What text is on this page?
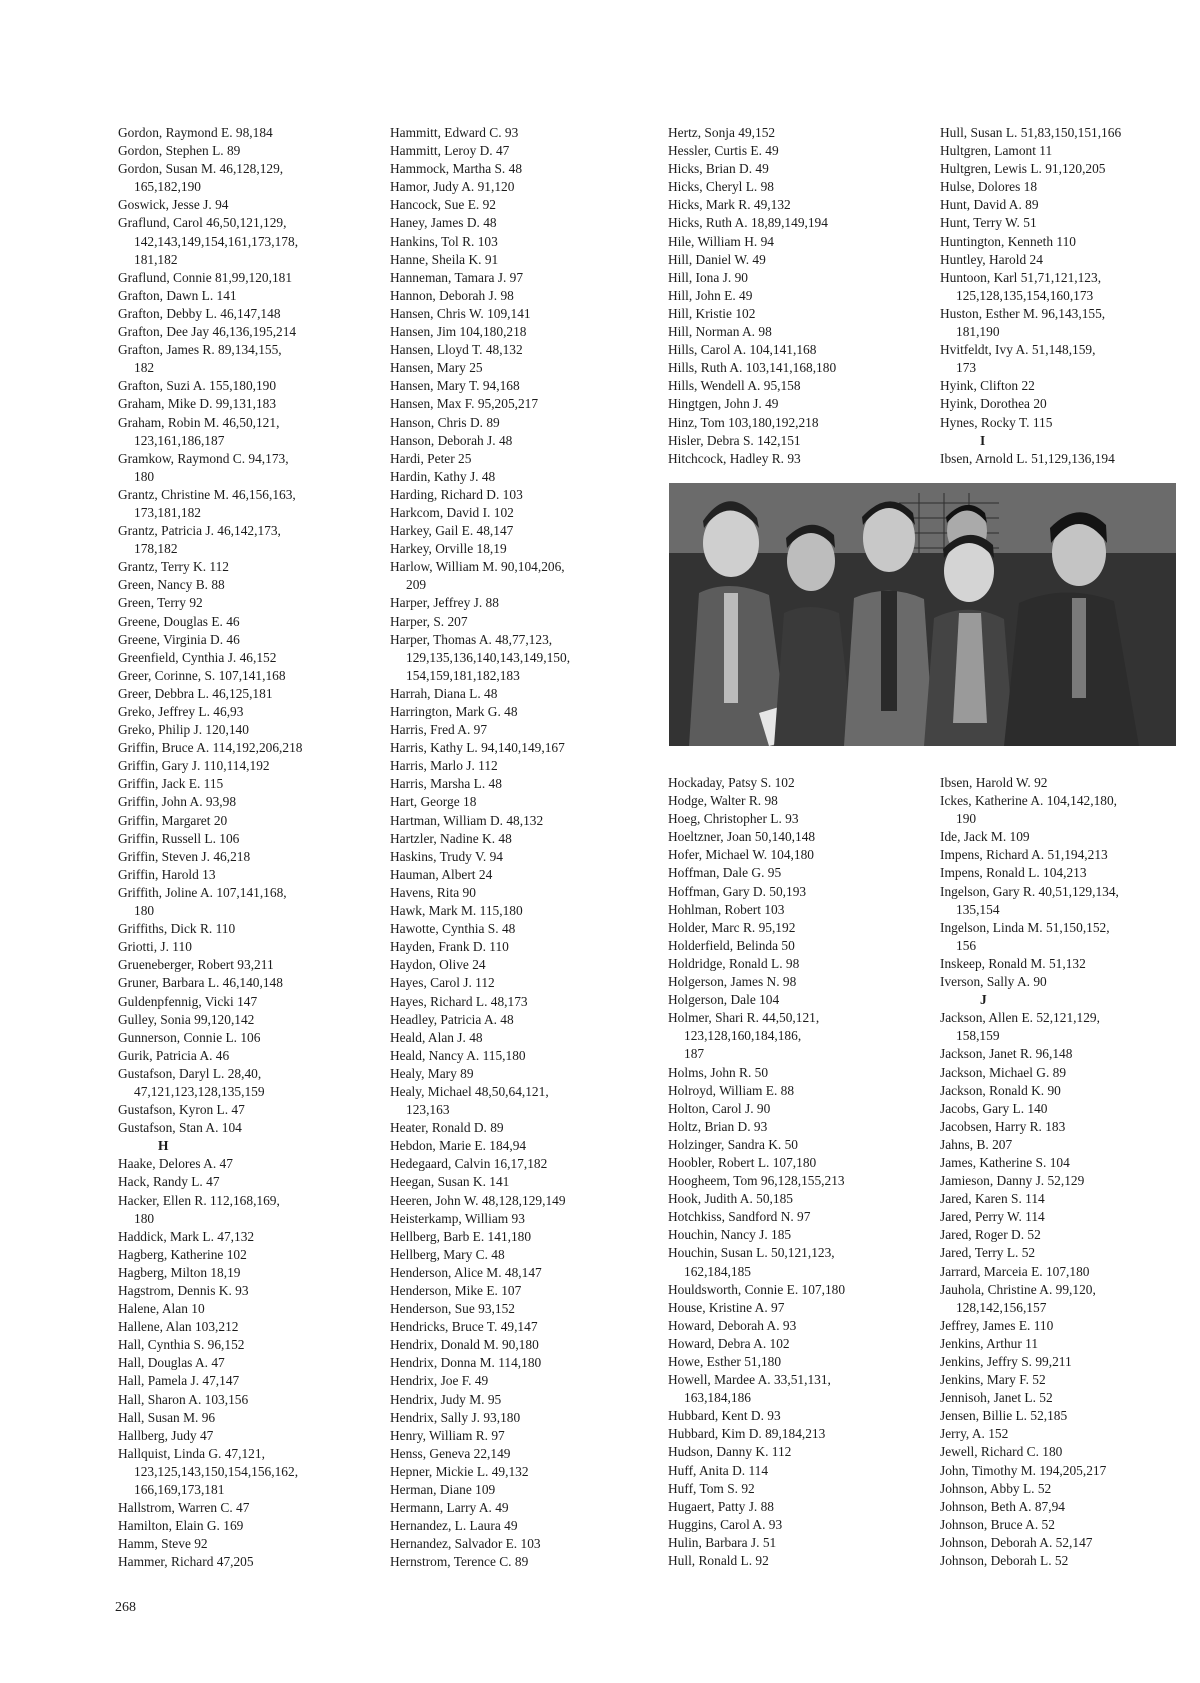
Gordon, Raymond E. 98,184
Gordon, Stephen L. 89
Gordon, Susan M. 46,128,129,
165,182,190
Goswick, Jesse J. 94
Graflund, Carol 46,50,121,129,
142,143,149,154,161,173,178,
181,182
Graflund, Connie 81,99,120,181
Grafton, Dawn L. 141
Grafton, Debby L. 46,147,148
Grafton, Dee Jay 46,136,195,214
Grafton, James R. 89,134,155,
182
Grafton, Suzi A. 155,180,190
Graham, Mike D. 99,131,183
Graham, Robin M. 46,50,121,
123,161,186,187
Gramkow, Raymond C. 94,173,
180
Grantz, Christine M. 46,156,163,
173,181,182
Grantz, Patricia J. 46,142,173,
178,182
Grantz, Terry K. 112
Green, Nancy B. 88
Green, Terry 92
Greene, Douglas E. 46
Greene, Virginia D. 46
Greenfield, Cynthia J. 46,152
Greer, Corinne, S. 107,141,168
Greer, Debbra L. 46,125,181
Greko, Jeffrey L. 46,93
Greko, Philip J. 120,140
Griffin, Bruce A. 114,192,206,218
Griffin, Gary J. 110,114,192
Griffin, Jack E. 115
Griffin, John A. 93,98
Griffin, Margaret 20
Griffin, Russell L. 106
Griffin, Steven J. 46,218
Griffin, Harold 13
Griffith, Joline A. 107,141,168,
180
Griffiths, Dick R. 110
Griotti, J. 110
Grueneberger, Robert 93,211
Gruner, Barbara L. 46,140,148
Guldenpfennig, Vicki 147
Gulley, Sonia 99,120,142
Gunnerson, Connie L. 106
Gurik, Patricia A. 46
Gustafson, Daryl L. 28,40,
47,121,123,128,135,159
Gustafson, Kyron L. 47
Gustafson, Stan A. 104
H
Haake, Delores A. 47
Hack, Randy L. 47
Hacker, Ellen R. 112,168,169,
180
Haddick, Mark L. 47,132
Hagberg, Katherine 102
Hagberg, Milton 18,19
Hagstrom, Dennis K. 93
Halene, Alan 10
Hallene, Alan 103,212
Hall, Cynthia S. 96,152
Hall, Douglas A. 47
Hall, Pamela J. 47,147
Hall, Sharon A. 103,156
Hall, Susan M. 96
Hallberg, Judy 47
Hallquist, Linda G. 47,121,
123,125,143,150,154,156,162,
166,169,173,181
Hallstrom, Warren C. 47
Hamilton, Elain G. 169
Hamm, Steve 92
Hammer, Richard 47,205
Hammitt, Edward C. 93
Hammitt, Leroy D. 47
Hammock, Martha S. 48
Hamor, Judy A. 91,120
Hancock, Sue E. 92
Haney, James D. 48
Hankins, Tol R. 103
Hanne, Sheila K. 91
Hanneman, Tamara J. 97
Hannon, Deborah J. 98
Hansen, Chris W. 109,141
Hansen, Jim 104,180,218
Hansen, Lloyd T. 48,132
Hansen, Mary 25
Hansen, Mary T. 94,168
Hansen, Max F. 95,205,217
Hanson, Chris D. 89
Hanson, Deborah J. 48
Hardi, Peter 25
Hardin, Kathy J. 48
Harding, Richard D. 103
Harkcom, David I. 102
Harkey, Gail E. 48,147
Harkey, Orville 18,19
Harlow, William M. 90,104,206,
209
Harper, Jeffrey J. 88
Harper, S. 207
Harper, Thomas A. 48,77,123,
129,135,136,140,143,149,150,
154,159,181,182,183
Harrah, Diana L. 48
Harrington, Mark G. 48
Harris, Fred A. 97
Harris, Kathy L. 94,140,149,167
Harris, Marlo J. 112
Harris, Marsha L. 48
Hart, George 18
Hartman, William D. 48,132
Hartzler, Nadine K. 48
Haskins, Trudy V. 94
Hauman, Albert 24
Havens, Rita 90
Hawk, Mark M. 115,180
Hawotte, Cynthia S. 48
Hayden, Frank D. 110
Haydon, Olive 24
Hayes, Carol J. 112
Hayes, Richard L. 48,173
Headley, Patricia A. 48
Heald, Alan J. 48
Heald, Nancy A. 115,180
Healy, Mary 89
Healy, Michael 48,50,64,121,
123,163
Heater, Ronald D. 89
Hebdon, Marie E. 184,94
Hedegaard, Calvin 16,17,182
Heegan, Susan K. 141
Heeren, John W. 48,128,129,149
Heisterkamp, William 93
Hellberg, Barb E. 141,180
Hellberg, Mary C. 48
Henderson, Alice M. 48,147
Henderson, Mike E. 107
Henderson, Sue 93,152
Hendricks, Bruce T. 49,147
Hendrix, Donald M. 90,180
Hendrix, Donna M. 114,180
Hendrix, Joe F. 49
Hendrix, Judy M. 95
Hendrix, Sally J. 93,180
Henry, William R. 97
Henss, Geneva 22,149
Hepner, Mickie L. 49,132
Herman, Diane 109
Hermann, Larry A. 49
Hernandez, L. Laura 49
Hernandez, Salvador E. 103
Hernstrom, Terence C. 89
Hertz, Sonja 49,152
Hessler, Curtis E. 49
Hicks, Brian D. 49
Hicks, Cheryl L. 98
Hicks, Mark R. 49,132
Hicks, Ruth A. 18,89,149,194
Hile, William H. 94
Hill, Daniel W. 49
Hill, Iona J. 90
Hill, John E. 49
Hill, Kristie 102
Hill, Norman A. 98
Hills, Carol A. 104,141,168
Hills, Ruth A. 103,141,168,180
Hills, Wendell A. 95,158
Hingtgen, John J. 49
Hinz, Tom 103,180,192,218
Hisler, Debra S. 142,151
Hitchcock, Hadley R. 93
Hull, Susan L. 51,83,150,151,166
Hultgren, Lamont 11
Hultgren, Lewis L. 91,120,205
Hulse, Dolores 18
Hunt, David A. 89
Hunt, Terry W. 51
Huntington, Kenneth 110
Huntley, Harold 24
Huntoon, Karl 51,71,121,123,
125,128,135,154,160,173
Huston, Esther M. 96,143,155,
181,190
Hvitfeldt, Ivy A. 51,148,159,
173
Hyink, Clifton 22
Hyink, Dorothea 20
Hynes, Rocky T. 115
I
Ibsen, Arnold L. 51,129,136,194
Hockaday, Patsy S. 102
Hodge, Walter R. 98
Hoeg, Christopher L. 93
Hoeltzner, Joan 50,140,148
Hofer, Michael W. 104,180
Hoffman, Dale G. 95
Hoffman, Gary D. 50,193
Hohlman, Robert 103
Holder, Marc R. 95,192
Holderfield, Belinda 50
Holdridge, Ronald L. 98
Holgerson, James N. 98
Holgerson, Dale 104
Holmer, Shari R. 44,50,121,
123,128,160,184,186,
187
Holms, John R. 50
Holroyd, William E. 88
Holton, Carol J. 90
Holtz, Brian D. 93
Holzinger, Sandra K. 50
Hoobler, Robert L. 107,180
Hoogheem, Tom 96,128,155,213
Hook, Judith A. 50,185
Hotchkiss, Sandford N. 97
Houchin, Nancy J. 185
Houchin, Susan L. 50,121,123,
162,184,185
Houldsworth, Connie E. 107,180
House, Kristine A. 97
Howard, Deborah A. 93
Howard, Debra A. 102
Howe, Esther 51,180
Howell, Mardee A. 33,51,131,
163,184,186
Hubbard, Kent D. 93
Hubbard, Kim D. 89,184,213
Hudson, Danny K. 112
Huff, Anita D. 114
Huff, Tom S. 92
Hugaert, Patty J. 88
Huggins, Carol A. 93
Hulin, Barbara J. 51
Hull, Ronald L. 92
Ibsen, Harold W. 92
Ickes, Katherine A. 104,142,180,
190
Ide, Jack M. 109
Impens, Richard A. 51,194,213
Impens, Ronald L. 104,213
Ingelson, Gary R. 40,51,129,134,
135,154
Ingelson, Linda M. 51,150,152,
156
Inskeep, Ronald M. 51,132
Iverson, Sally A. 90
J
Jackson, Allen E. 52,121,129,
158,159
Jackson, Janet R. 96,148
Jackson, Michael G. 89
Jackson, Ronald K. 90
Jacobs, Gary L. 140
Jacobsen, Harry R. 183
Jahns, B. 207
James, Katherine S. 104
Jamieson, Danny J. 52,129
Jared, Karen S. 114
Jared, Perry W. 114
Jared, Roger D. 52
Jared, Terry L. 52
Jarrard, Marceia E. 107,180
Jauhola, Christine A. 99,120,
128,142,156,157
Jeffrey, James E. 110
Jenkins, Arthur 11
Jenkins, Jeffry S. 99,211
Jenkins, Mary F. 52
Jennisoh, Janet L. 52
Jensen, Billie L. 52,185
Jerry, A. 152
Jewell, Richard C. 180
John, Timothy M. 194,205,217
Johnson, Abby L. 52
Johnson, Beth A. 87,94
Johnson, Bruce A. 52
Johnson, Deborah A. 52,147
Johnson, Deborah L. 52
268
